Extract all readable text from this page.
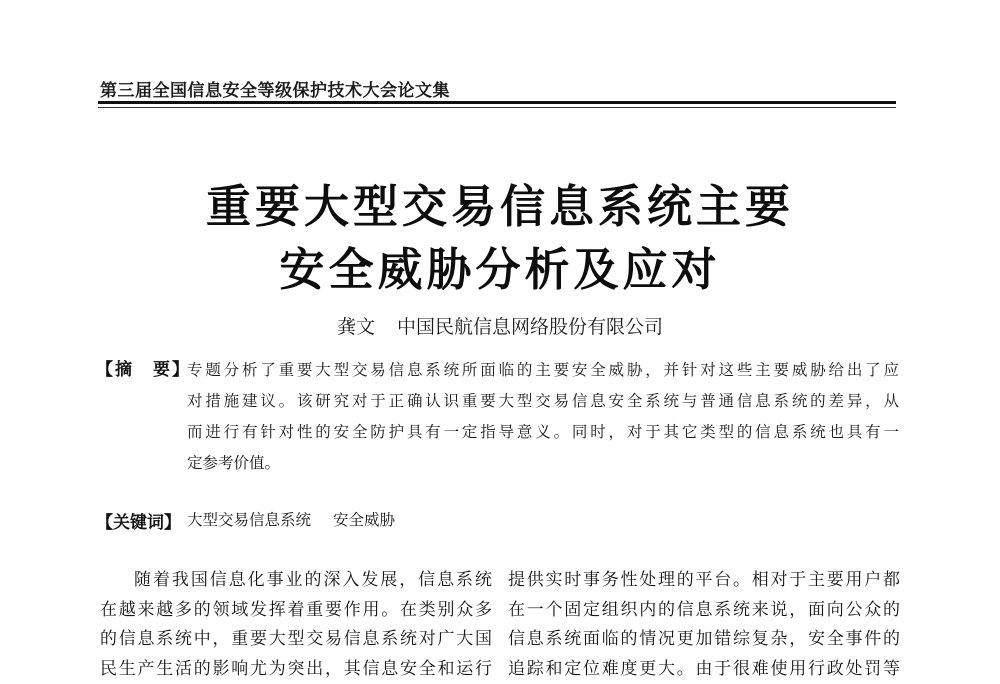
第三届全国信息安全等级保护技术大会论文集
重要大型交易信息系统主要
安全威胁分析及应对
龚文 中国民航信息网络股份有限公司
【摘　要】
专题分析了重要大型交易信息系统所面临的主要安全威胁，并针对这些主要威胁给出了应
对措施建议。该研究对于正确认识重要大型交易信息安全系统与普通信息系统的差异，从
而进行有针对性的安全防护具有一定指导意义。同时，对于其它类型的信息系统也具有一
定参考价值。
【关键词】 大型交易信息系统 安全威胁
随着我国信息化事业的深入发展，信息系统
在越来越多的领域发挥着重要作用。在类别众多
的信息系统中，重要大型交易信息系统对广大国
民生产生活的影响尤为突出，其信息安全和运行
提供实时事务性处理的平台。相对于主要用户都
在一个固定组织内的信息系统来说，面向公众的
信息系统面临的情况更加错综复杂，安全事件的
追踪和定位难度更大。由于很难使用行政处罚等
